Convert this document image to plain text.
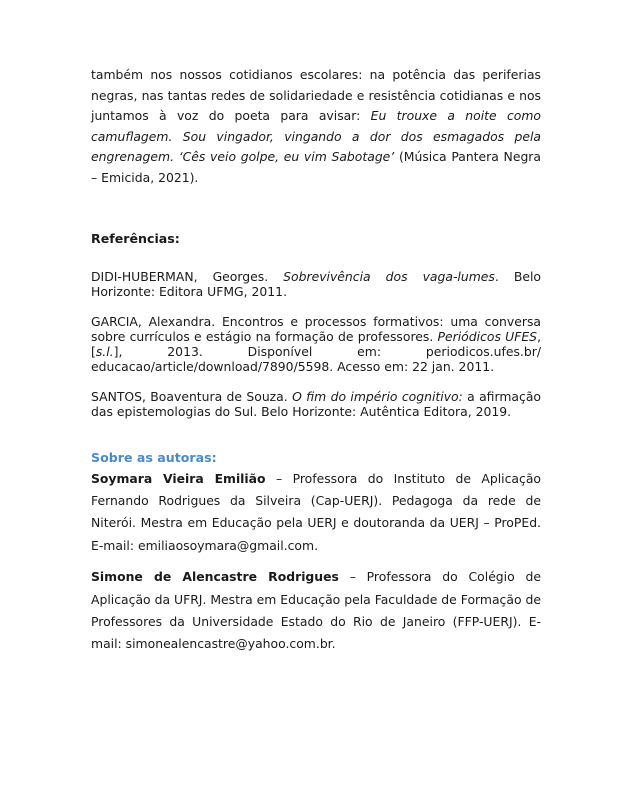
também nos nossos cotidianos escolares: na potência das periferias negras, nas tantas redes de solidariedade e resistência cotidianas e nos juntamos à voz do poeta para avisar: Eu trouxe a noite como camuflagem. Sou vingador, vingando a dor dos esmagados pela engrenagem. ‘Cês veio golpe, eu vim Sabotage’ (Música Pantera Negra – Emicida, 2021).

Referências:

DIDI-HUBERMAN, Georges. Sobrevivência dos vaga-lumes. Belo Horizonte: Editora UFMG, 2011.

GARCIA, Alexandra. Encontros e processos formativos: uma conversa sobre currículos e estágio na formação de professores. Periódicos UFES, [s.l.], 2013. Disponível em: periodicos.ufes.br/ educacao/article/download/7890/5598. Acesso em: 22 jan. 2011.

SANTOS, Boaventura de Souza. O fim do império cognitivo: a afirmação das epistemologias do Sul. Belo Horizonte: Autêntica Editora, 2019.

Sobre as autoras:

Soymara Vieira Emilião – Professora do Instituto de Aplicação Fernando Rodrigues da Silveira (Cap-UERJ). Pedagoga da rede de Niterói. Mestra em Educação pela UERJ e doutoranda da UERJ – ProPEd. E-mail: emiliaosoymara@gmail.com.

Simone de Alencastre Rodrigues – Professora do Colégio de Aplicação da UFRJ. Mestra em Educação pela Faculdade de Formação de Professores da Universidade Estado do Rio de Janeiro (FFP-UERJ). E-mail: simonealencastre@yahoo.com.br.
